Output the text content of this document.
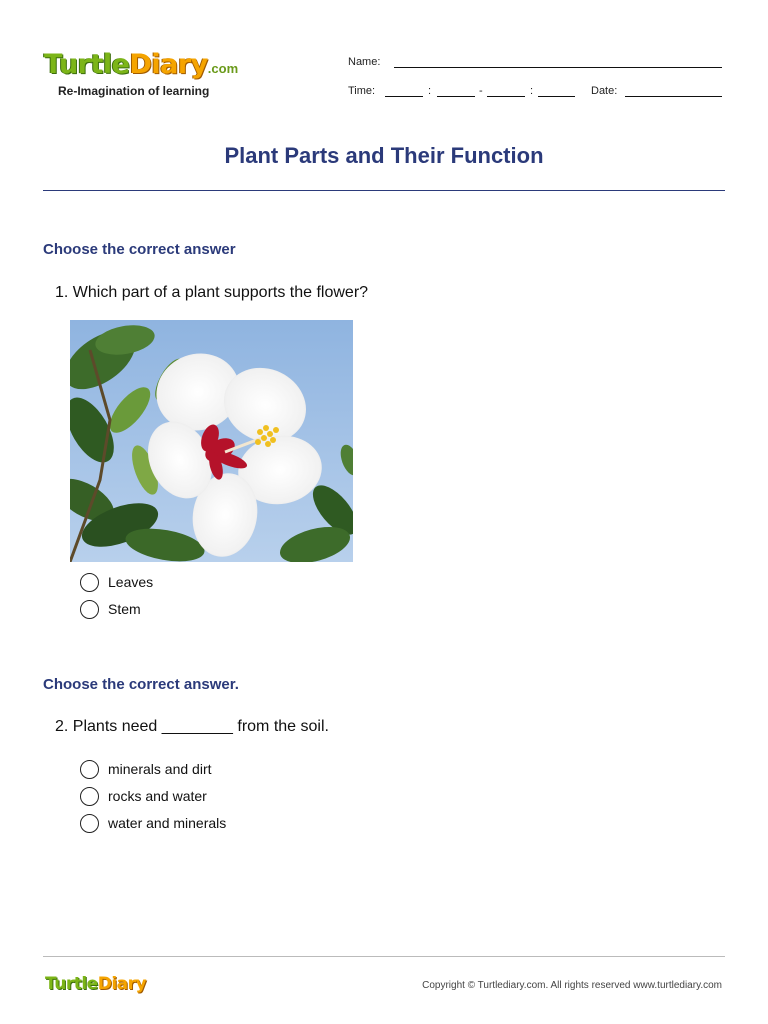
TurtleDiary.com
Re-Imagination of learning
Name:
Time:	:	-	:	Date:
Plant Parts and Their Function
Choose the correct answer
1. Which part of a plant supports the flower?
Leaves
Stem
Choose the correct answer.
2. Plants need ________ from the soil.
minerals and dirt
rocks and water
water and minerals
TurtleDiary	Copyright © Turtlediary.com. All rights reserved www.turtlediary.com
